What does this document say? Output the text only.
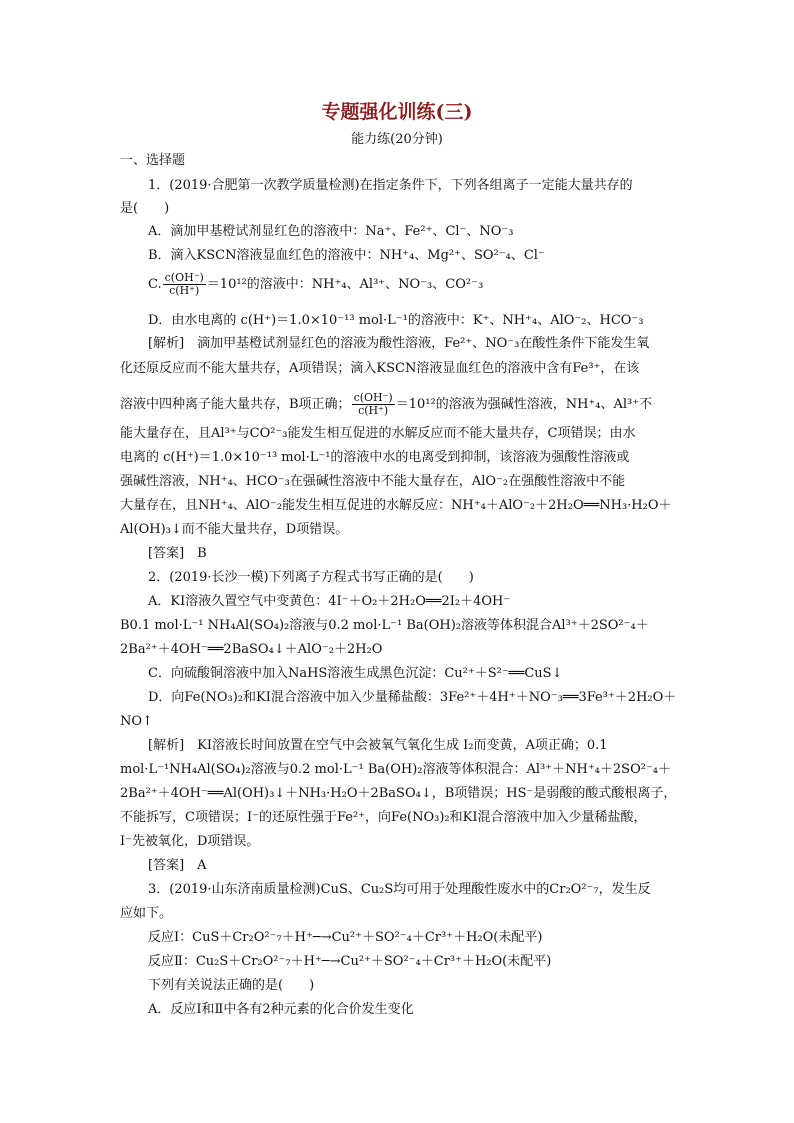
专题强化训练(三)
能力练(20分钟)
一、选择题
1．(2019·合肥第一次教学质量检测)在指定条件下，下列各组离子一定能大量共存的
是(　　)
A．滴加甲基橙试剂显红色的溶液中：Na⁺、Fe²⁺、Cl⁻、NO⁻₃
B．滴入KSCN溶液显血红色的溶液中：NH⁺₄、Mg²⁺、SO²⁻₄、Cl⁻
C. $\frac{c(OH^-)}{c(H^+)} =10^{12}$的溶液中：NH⁺₄、Al³⁺、NO⁻₃、CO²⁻₃
D．由水电离的 c(H⁺)＝1.0×10⁻¹³ mol·L⁻¹的溶液中：K⁺、NH⁺₄、AlO⁻₂、HCO⁻₃
[解析]　滴加甲基橙试剂显红色的溶液为酸性溶液，Fe²⁺、NO⁻₃在酸性条件下能发生氧
化还原反应而不能大量共存，A项错误；滴入KSCN溶液显血红色的溶液中含有Fe³⁺，在该
溶液中四种离子能大量共存，B项正确； $\frac{c(OH^-)}{c(H^+)} =10^{12}$的溶液为强碱性溶液，NH⁺₄、Al³⁺不
能大量存在，且Al³⁺与CO²⁻₃能发生相互促进的水解反应而不能大量共存，C项错误；由水
电离的 c(H⁺)＝1.0×10⁻¹³ mol·L⁻¹的溶液中水的电离受到抑制，该溶液为强酸性溶液或
强碱性溶液，NH⁺₄、HCO⁻₃在强碱性溶液中不能大量存在，AlO⁻₂在强酸性溶液中不能
大量存在，且NH⁺₄、AlO⁻₂能发生相互促进的水解反应：NH⁺₄＋AlO⁻₂＋2H₂O══NH₃·H₂O＋
Al(OH)₃↓而不能大量共存，D项错误。
[答案]　B
2．(2019·长沙一模)下列离子方程式书写正确的是(　　)
A．KI溶液久置空气中变黄色：4I⁻＋O₂＋2H₂O══2I₂＋4OH⁻
B0.1 mol·L⁻¹ NH₄Al(SO₄)₂溶液与0.2 mol·L⁻¹ Ba(OH)₂溶液等体积混合Al³⁺＋2SO²⁻₄＋
2Ba²⁺＋4OH⁻══2BaSO₄↓＋AlO⁻₂＋2H₂O
C．向硫酸铜溶液中加入NaHS溶液生成黑色沉淀：Cu²⁺＋S²⁻══CuS↓
D．向Fe(NO₃)₂和KI混合溶液中加入少量稀盐酸：3Fe²⁺＋4H⁺＋NO⁻₃══3Fe³⁺＋2H₂O＋
NO↑
[解析]　KI溶液长时间放置在空气中会被氧气氧化生成 I₂而变黄，A项正确；0.1
mol·L⁻¹NH₄Al(SO₄)₂溶液与0.2 mol·L⁻¹ Ba(OH)₂溶液等体积混合：Al³⁺＋NH⁺₄＋2SO²⁻₄＋
2Ba²⁺＋4OH⁻══Al(OH)₃↓＋NH₃·H₂O＋2BaSO₄↓，B项错误；HS⁻是弱酸的酸式酸根离子，
不能拆写，C项错误；I⁻的还原性强于Fe²⁺，向Fe(NO₃)₂和KI混合溶液中加入少量稀盐酸，
I⁻先被氧化，D项错误。
[答案]　A
3．(2019·山东济南质量检测)CuS、Cu₂S均可用于处理酸性废水中的Cr₂O²⁻₇，发生反
应如下。
反应Ⅰ：CuS＋Cr₂O²⁻₇＋H⁺─→Cu²⁺＋SO²⁻₄＋Cr³⁺＋H₂O(未配平)
反应Ⅱ：Cu₂S＋Cr₂O²⁻₇＋H⁺─→Cu²⁺＋SO²⁻₄＋Cr³⁺＋H₂O(未配平)
下列有关说法正确的是(　　)
A．反应Ⅰ和Ⅱ中各有2种元素的化合价发生变化
